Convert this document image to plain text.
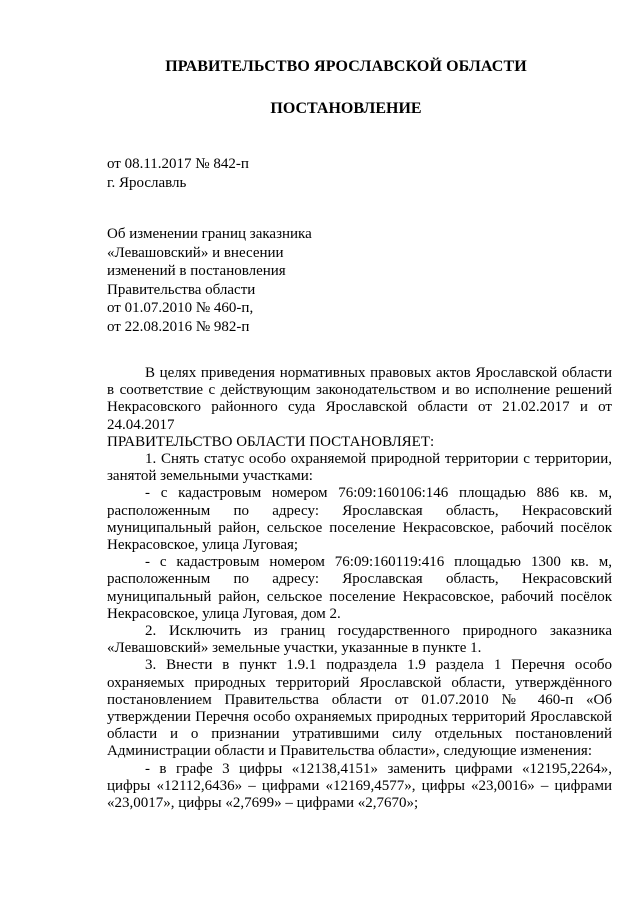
ПРАВИТЕЛЬСТВО ЯРОСЛАВСКОЙ ОБЛАСТИ
ПОСТАНОВЛЕНИЕ
от 08.11.2017 № 842-п
г. Ярославль
Об изменении границ заказника
«Левашовский» и внесении
изменений в постановления
Правительства области
от 01.07.2010 № 460-п,
от 22.08.2016 № 982-п

В целях приведения нормативных правовых актов Ярославской области в соответствие с действующим законодательством и во исполнение решений Некрасовского районного суда Ярославской области от 21.02.2017 и от 24.04.2017

ПРАВИТЕЛЬСТВО ОБЛАСТИ ПОСТАНОВЛЯЕТ:

1. Снять статус особо охраняемой природной территории с территории, занятой земельными участками:

- с кадастровым номером 76:09:160106:146 площадью 886 кв. м, расположенным по адресу: Ярославская область, Некрасовский муниципальный район, сельское поселение Некрасовское, рабочий посёлок Некрасовское, улица Луговая;

- с кадастровым номером 76:09:160119:416 площадью 1300 кв. м, расположенным по адресу: Ярославская область, Некрасовский муниципальный район, сельское поселение Некрасовское, рабочий посёлок Некрасовское, улица Луговая, дом 2.

2. Исключить из границ государственного природного заказника «Левашовский» земельные участки, указанные в пункте 1.

3. Внести в пункт 1.9.1 подраздела 1.9 раздела 1 Перечня особо охраняемых природных территорий Ярославской области, утверждённого постановлением Правительства области от 01.07.2010 № 460-п «Об утверждении Перечня особо охраняемых природных территорий Ярославской области и о признании утратившими силу отдельных постановлений Администрации области и Правительства области», следующие изменения:

- в графе 3 цифры «12138,4151» заменить цифрами «12195,2264», цифры «12112,6436» – цифрами «12169,4577», цифры «23,0016» – цифрами «23,0017», цифры «2,7699» – цифрами «2,7670»;
